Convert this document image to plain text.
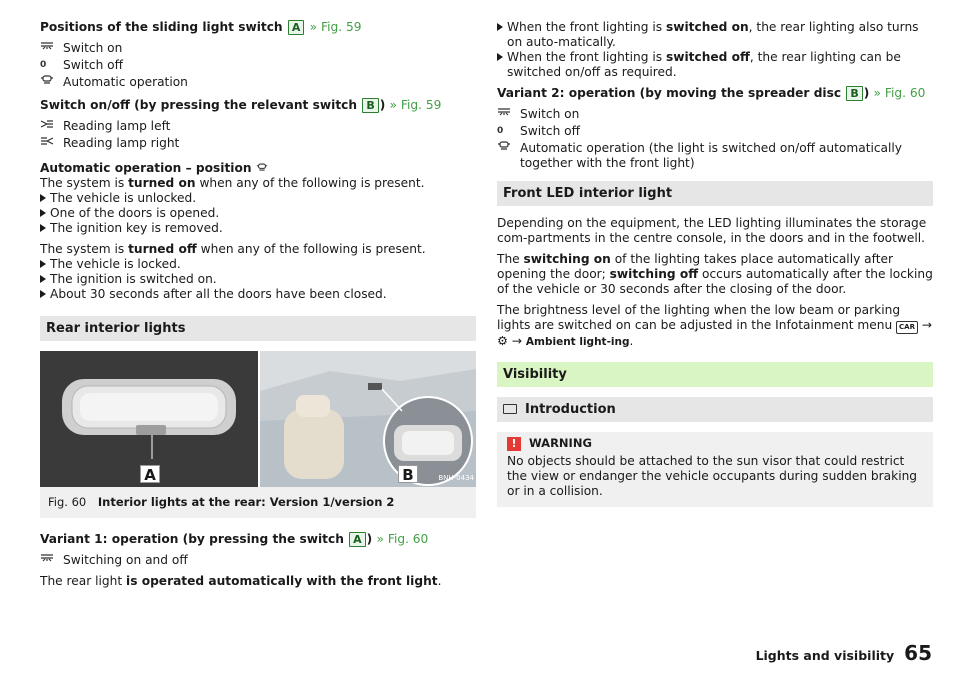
Positions of the sliding light switch A » Fig. 59
Switch on
0	Switch off
Automatic operation
Switch on/off (by pressing the relevant switch B ) » Fig. 59
Reading lamp left
Reading lamp right
Automatic operation – position
The system is turned on when any of the following is present.
The vehicle is unlocked.
One of the doors is opened.
The ignition key is removed.
The system is turned off when any of the following is present.
The vehicle is locked.
The ignition is switched on.
About 30 seconds after all the doors have been closed.
Rear interior lights
A	B	BNH-0434
Fig. 60 Interior lights at the rear: Version 1/version 2
Variant 1: operation (by pressing the switch A ) » Fig. 60
Switching on and off
The rear light is operated automatically with the front light.
When the front lighting is switched on, the rear lighting also turns on auto-matically.
When the front lighting is switched off, the rear lighting can be switched on/off as required.
Variant 2: operation (by moving the spreader disc B ) » Fig. 60
Switch on
0	Switch off
Automatic operation (the light is switched on/off automatically together with the front light)
Front LED interior light
Depending on the equipment, the LED lighting illuminates the storage com-partments in the centre console, in the doors and in the footwell.
The switching on of the lighting takes place automatically after opening the door; switching off occurs automatically after the locking of the vehicle or 30 seconds after the closing of the door.
The brightness level of the lighting when the low beam or parking lights are switched on can be adjusted in the Infotainment menu CAR → ⚙ → Ambient light-ing.
Visibility
Introduction
!	WARNING
No objects should be attached to the sun visor that could restrict the view or endanger the vehicle occupants during sudden braking or in a collision.
Lights and visibility 65
